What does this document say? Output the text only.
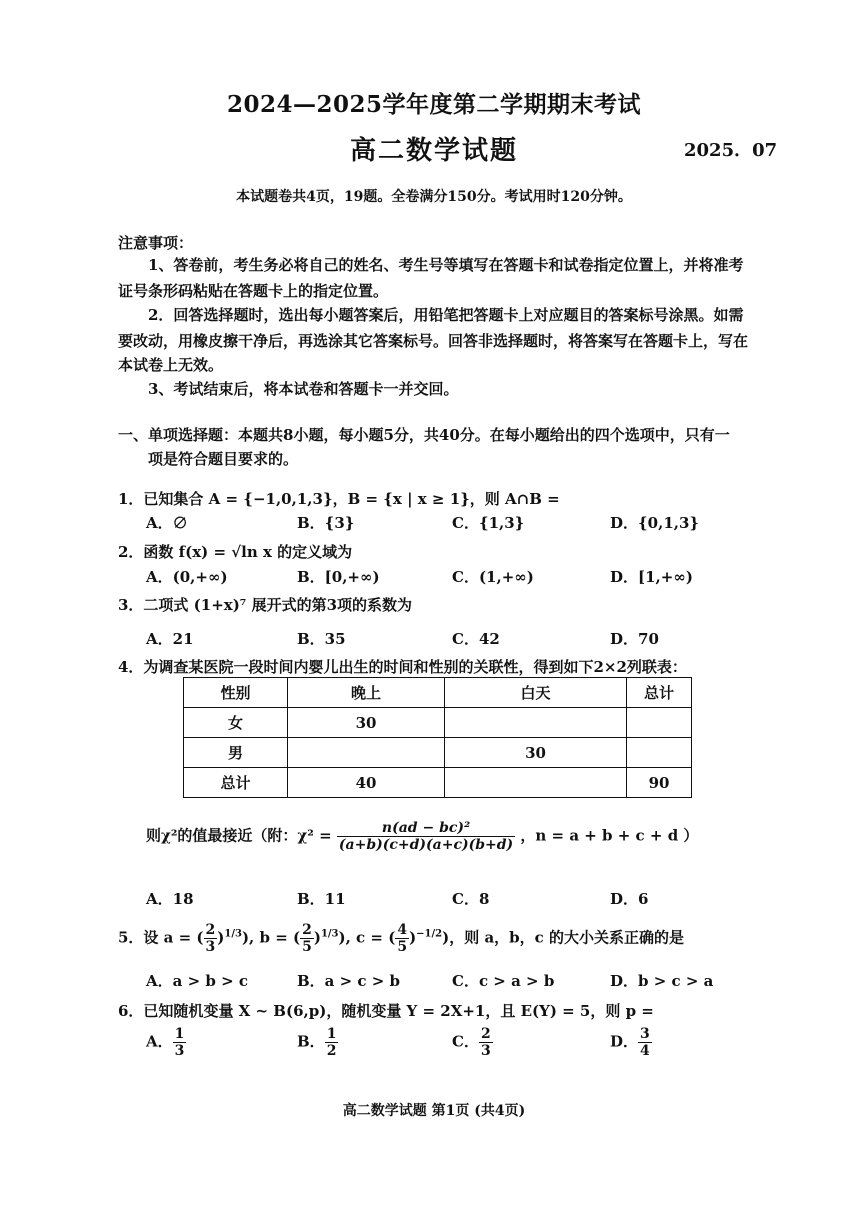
2024—2025学年度第二学期期末考试
高二数学试题	2025．07
本试题卷共4页，19题。全卷满分150分。考试用时120分钟。
注意事项：
1、答卷前，考生务必将自己的姓名、考生号等填写在答题卡和试卷指定位置上，并将准考
证号条形码粘贴在答题卡上的指定位置。
2．回答选择题时，选出每小题答案后，用铅笔把答题卡上对应题目的答案标号涂黑。如需
要改动，用橡皮擦干净后，再选涂其它答案标号。回答非选择题时，将答案写在答题卡上，写在
本试卷上无效。
3、考试结束后，将本试卷和答题卡一并交回。
一、单项选择题：本题共8小题，每小题5分，共40分。在每小题给出的四个选项中，只有一
项是符合题目要求的。
1．已知集合 A = {−1,0,1,3}，B = {x | x ≥ 1}，则 A∩B =
A．∅	B．{3}	C．{1,3}	D．{0,1,3}
2．函数 f(x) = √ln x 的定义域为
A．(0,+∞)	B．[0,+∞)	C．(1,+∞)	D．[1,+∞)
3．二项式 (1+x)⁷ 展开式的第3项的系数为
A．21	B．35	C．42	D．70
4．为调查某医院一段时间内婴儿出生的时间和性别的关联性，得到如下2×2列联表：
性别	晚上	白天	总计
女	30		
男		30	
总计	40		90
则χ²的值最接近（附：$\chi^2 = \frac{\text{n(ad − bc)²}}{(a+b)(c+d)(a+c)(b+d)}$ ，n = a + b + c + d ）
A．18	B．11	C．8	D．6
5．设 a = ( $\frac{2}{3} )^{1/3}$), b = ( $\frac{2}{5} )^{1/3}$), c = ( $\frac{4}{5} )^{-1/2}$)，则 a，b，c 的大小关系正确的是
A．a > b > c	B．a > c > b	C．c > a > b	D．b > c > a
6．已知随机变量 X ~ B(6,p)，随机变量 Y = 2X+1，且 E(Y) = 5，则 p =
A． $\frac{1}{3}$	B． $\frac{1}{2}$	C． $\frac{2}{3}$	D． $\frac{3}{4}$
高二数学试题 第1页 (共4页)
